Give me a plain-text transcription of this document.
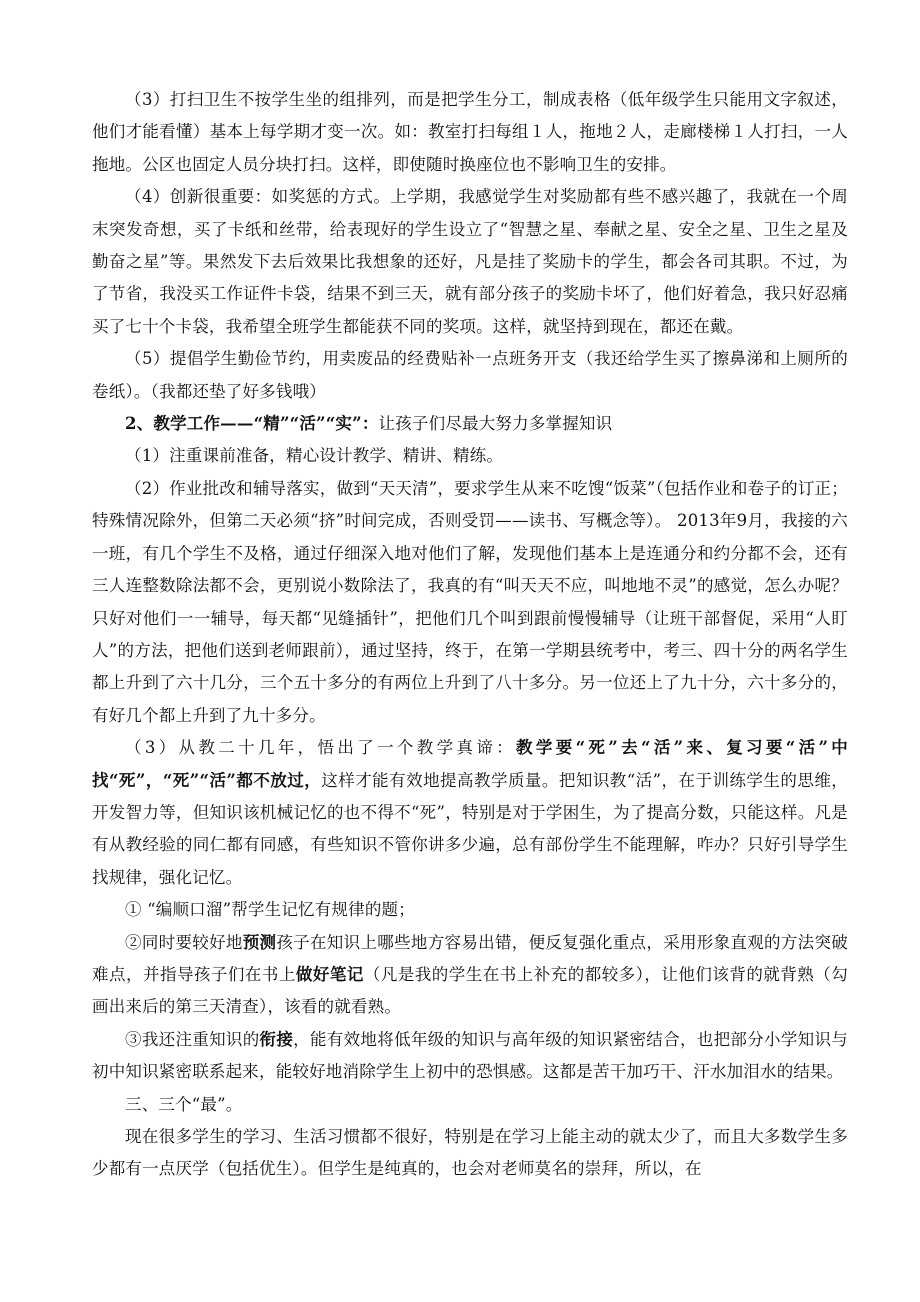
（3）打扫卫生不按学生坐的组排列，而是把学生分工，制成表格（低年级学生只能用文字叙述，他们才能看懂）基本上每学期才变一次。如：教室打扫每组１人，拖地２人，走廊楼梯１人打扫，一人拖地。公区也固定人员分块打扫。这样，即使随时换座位也不影响卫生的安排。

（4）创新很重要：如奖惩的方式。上学期，我感觉学生对奖励都有些不感兴趣了，我就在一个周末突发奇想，买了卡纸和丝带，给表现好的学生设立了“智慧之星、奉献之星、安全之星、卫生之星及勤奋之星”等。果然发下去后效果比我想象的还好，凡是挂了奖励卡的学生，都会各司其职。不过，为了节省，我没买工作证件卡袋，结果不到三天，就有部分孩子的奖励卡坏了，他们好着急，我只好忍痛买了七十个卡袋，我希望全班学生都能获不同的奖项。这样，就坚持到现在，都还在戴。

（5）提倡学生勤俭节约，用卖废品的经费贴补一点班务开支（我还给学生买了擦鼻涕和上厕所的卷纸）。（我都还垫了好多钱哦）

2、教学工作——“精”“活”“实”：让孩子们尽最大努力多掌握知识

（1）注重课前准备，精心设计教学、精讲、精练。

（2）作业批改和辅导落实，做到“天天清”，要求学生从来不吃馊“饭菜”（包括作业和卷子的订正；特殊情况除外，但第二天必须“挤”时间完成，否则受罚——读书、写概念等）。 2013年9月，我接的六一班，有几个学生不及格，通过仔细深入地对他们了解，发现他们基本上是连通分和约分都不会，还有三人连整数除法都不会，更别说小数除法了，我真的有“叫天天不应，叫地地不灵”的感觉，怎么办呢？只好对他们一一辅导，每天都“见缝插针”，把他们几个叫到跟前慢慢辅导（让班干部督促，采用“人盯人”的方法，把他们送到老师跟前），通过坚持，终于，在第一学期县统考中，考三、四十分的两名学生都上升到了六十几分，三个五十多分的有两位上升到了八十多分。另一位还上了九十分，六十多分的，有好几个都上升到了九十多分。

（3）从教二十几年，悟出了一个教学真谛：教学要“死”去“活”来、复习要“活”中找“死”，“死”“活”都不放过，这样才能有效地提高教学质量。把知识教“活”，在于训练学生的思维，开发智力等，但知识该机械记忆的也不得不“死”，特别是对于学困生，为了提高分数，只能这样。凡是有从教经验的同仁都有同感，有些知识不管你讲多少遍，总有部份学生不能理解，咋办？只好引导学生找规律，强化记忆。

① “编顺口溜”帮学生记忆有规律的题；

②同时要较好地预测孩子在知识上哪些地方容易出错，便反复强化重点，采用形象直观的方法突破难点，并指导孩子们在书上做好笔记（凡是我的学生在书上补充的都较多），让他们该背的就背熟（勾画出来后的第三天清查），该看的就看熟。

③我还注重知识的衔接，能有效地将低年级的知识与高年级的知识紧密结合，也把部分小学知识与初中知识紧密联系起来，能较好地消除学生上初中的恐惧感。这都是苦干加巧干、汗水加泪水的结果。

三、三个“最”。

现在很多学生的学习、生活习惯都不很好，特别是在学习上能主动的就太少了，而且大多数学生多少都有一点厌学（包括优生）。但学生是纯真的，也会对老师莫名的崇拜，所以，在
